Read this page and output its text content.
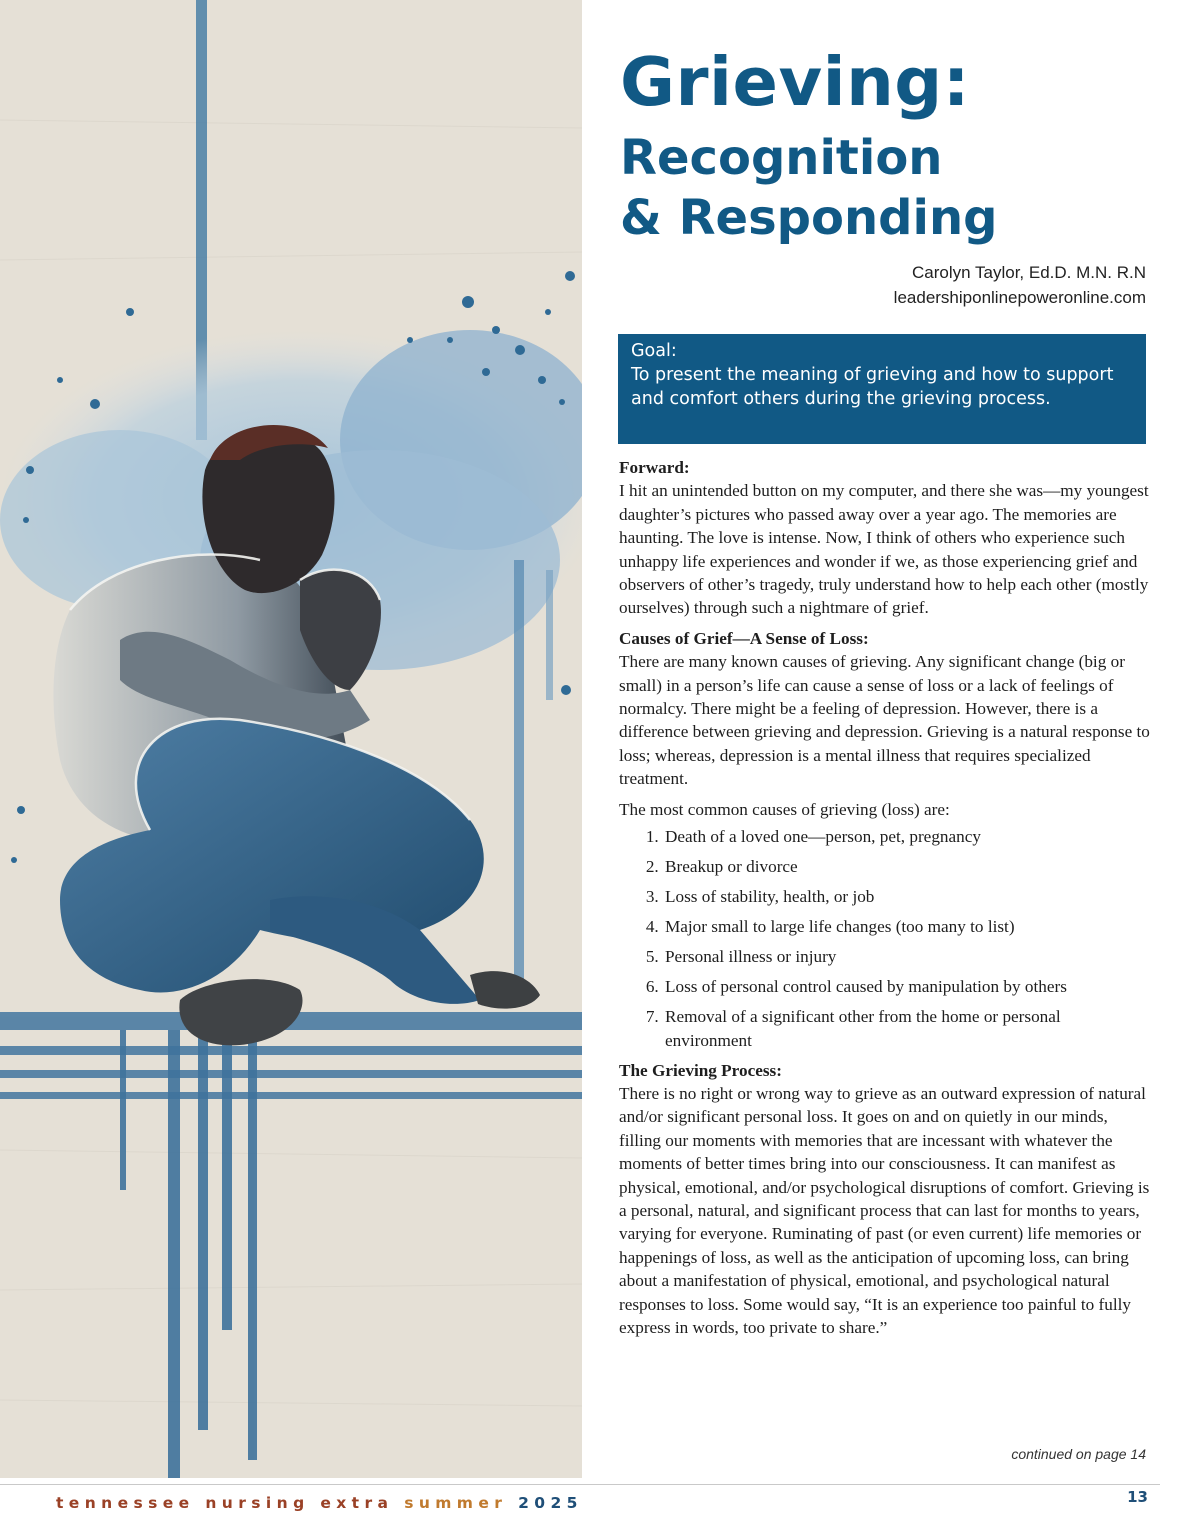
Grieving:
Recognition
& Responding
Carolyn Taylor, Ed.D. M.N. R.N
leadershiponlinepoweronline.com
Goal:
To present the meaning of grieving and how to support and comfort others during the grieving process.

Forward:

I hit an unintended button on my computer, and there she was—my youngest daughter’s pictures who passed away over a year ago. The memories are haunting. The love is intense. Now, I think of others who experience such unhappy life experiences and wonder if we, as those experiencing grief and observers of other’s tragedy, truly understand how to help each other (mostly ourselves) through such a nightmare of grief.

Causes of Grief—A Sense of Loss:

There are many known causes of grieving. Any significant change (big or small) in a person’s life can cause a sense of loss or a lack of feelings of normalcy. There might be a feeling of depression. However, there is a difference between grieving and depression. Grieving is a natural response to loss; whereas, depression is a mental illness that requires specialized treatment.

The most common causes of grieving (loss) are:

1. Death of a loved one—person, pet, pregnancy
2. Breakup or divorce
3. Loss of stability, health, or job
4. Major small to large life changes (too many to list)
5. Personal illness or injury
6. Loss of personal control caused by manipulation by others
7. Removal of a significant other from the home or personal environment

The Grieving Process:

There is no right or wrong way to grieve as an outward expression of natural and/or significant personal loss. It goes on and on quietly in our minds, filling our moments with memories that are incessant with whatever the moments of better times bring into our consciousness. It can manifest as physical, emotional, and/or psychological disruptions of comfort. Grieving is a personal, natural, and significant process that can last for months to years, varying for everyone. Ruminating of past (or even current) life memories or happenings of loss, as well as the anticipation of upcoming loss, can bring about a manifestation of physical, emotional, and psychological natural responses to loss. Some would say, “It is an experience too painful to fully express in words, too private to share.”

continued on page 14
tennessee nursing extra summer 2025	13
